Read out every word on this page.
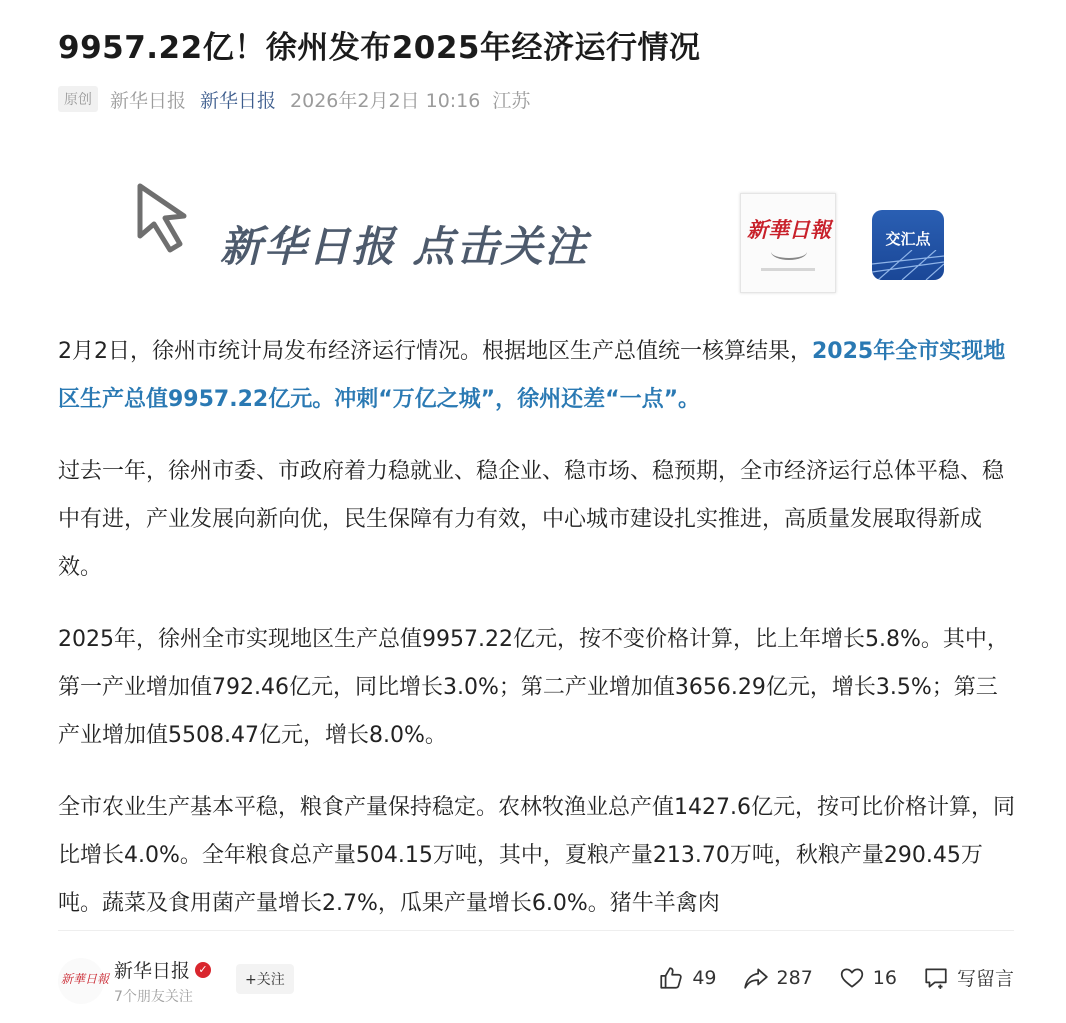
9957.22亿！徐州发布2025年经济运行情况
原创 新华日报 新华日报 2026年2月2日 10:16 江苏
新华日报 点击关注	新華日報	交汇点

2月2日，徐州市统计局发布经济运行情况。根据地区生产总值统一核算结果，2025年全市实现地区生产总值9957.22亿元。冲刺“万亿之城”，徐州还差“一点”。

过去一年，徐州市委、市政府着力稳就业、稳企业、稳市场、稳预期，全市经济运行总体平稳、稳中有进，产业发展向新向优，民生保障有力有效，中心城市建设扎实推进，高质量发展取得新成效。

2025年，徐州全市实现地区生产总值9957.22亿元，按不变价格计算，比上年增长5.8%。其中，第一产业增加值792.46亿元，同比增长3.0%；第二产业增加值3656.29亿元，增长3.5%；第三产业增加值5508.47亿元，增长8.0%。

全市农业生产基本平稳，粮食产量保持稳定。农林牧渔业总产值1427.6亿元，按可比价格计算，同比增长4.0%。全年粮食总产量504.15万吨，其中，夏粮产量213.70万吨，秋粮产量290.45万吨。蔬菜及食用菌产量增长2.7%，瓜果产量增长6.0%。猪牛羊禽肉

新華日報 新华日报 ✓
7个朋友关注
+关注	49	287	16	写留言
